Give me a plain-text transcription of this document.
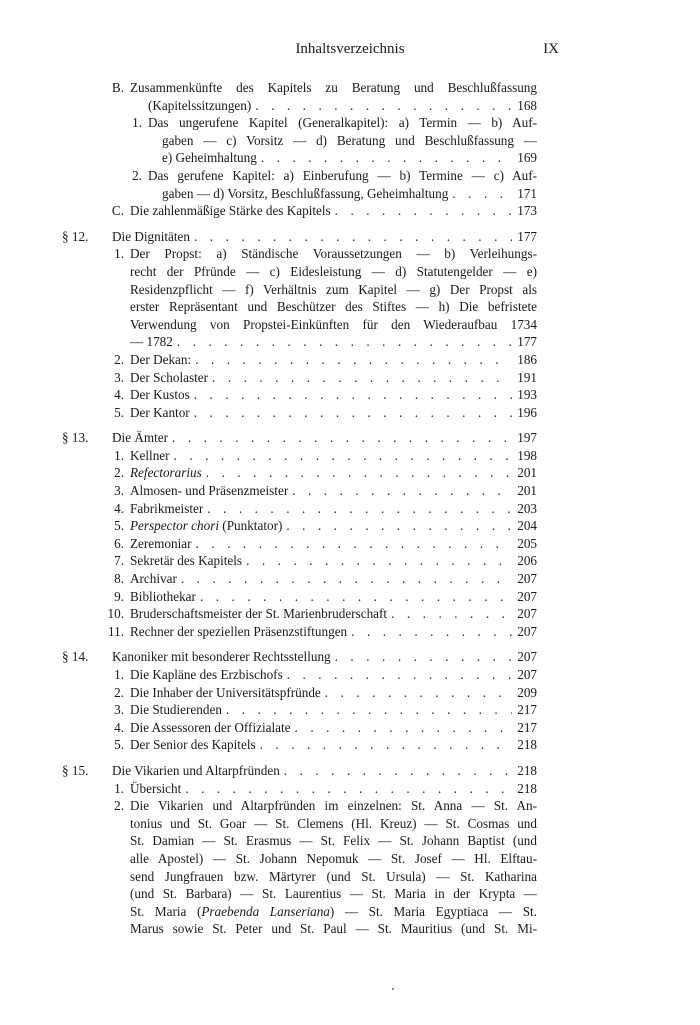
Inhaltsverzeichnis	IX
B. Zusammenkünfte des Kapitels zu Beratung und Beschlußfassung
(Kapitelssitzungen) . . .	168
1. Das ungerufene Kapitel (Generalkapitel): a) Termin — b) Auf-
gaben — c) Vorsitz — d) Beratung und Beschlußfassung —
e) Geheimhaltung . . .	169
2. Das gerufene Kapitel: a) Einberufung — b) Termine — c) Auf-
gaben — d) Vorsitz, Beschlußfassung, Geheimhaltung . . .	171
C. Die zahlenmäßige Stärke des Kapitels . . .	173
§ 12.	Die Dignitäten . . .	177
1. Der Propst: a) Ständische Voraussetzungen — b) Verleihungs-
recht der Pfründe — c) Eidesleistung — d) Statutengelder — e)
Residenzpflicht — f) Verhältnis zum Kapitel — g) Der Propst als
erster Repräsentant und Beschützer des Stiftes — h) Die befristete
Verwendung von Propstei-Einkünften für den Wiederaufbau 1734
— 1782 . . .	177
2. Der Dekan: . . .	186
3. Der Scholaster . . .	191
4. Der Kustos . . .	193
5. Der Kantor . . .	196
§ 13.	Die Ämter . . .	197
1. Kellner . . .	198
2. Refectorarius . . .	201
3. Almosen- und Präsenzmeister . . .	201
4. Fabrikmeister . . .	203
5. Perspector chori (Punktator) . . .	204
6. Zeremoniar . . .	205
7. Sekretär des Kapitels . . .	206
8. Archivar . . .	207
9. Bibliothekar . . .	207
10. Bruderschaftsmeister der St. Marienbruderschaft . . .	207
11. Rechner der speziellen Präsenzstiftungen . . .	207
§ 14.	Kanoniker mit besonderer Rechtsstellung . . .	207
1. Die Kapläne des Erzbischofs . . .	207
2. Die Inhaber der Universitätspfründe . . .	209
3. Die Studierenden . . .	217
4. Die Assessoren der Offizialate . . .	217
5. Der Senior des Kapitels . . .	218
§ 15.	Die Vikarien und Altarpfründen . . .	218
1. Übersicht . . .	218
2. Die Vikarien und Altarpfründen im einzelnen: St. Anna — St. An-
tonius und St. Goar — St. Clemens (Hl. Kreuz) — St. Cosmas und
St. Damian — St. Erasmus — St. Felix — St. Johann Baptist (und
alle Apostel) — St. Johann Nepomuk — St. Josef — Hl. Elftau-
send Jungfrauen bzw. Märtyrer (und St. Ursula) — St. Katharina
(und St. Barbara) — St. Laurentius — St. Maria in der Krypta —
St. Maria (Praebenda Lanseriana) — St. Maria Egyptiaca — St.
Marus sowie St. Peter und St. Paul — St. Mauritius (und St. Mi-
